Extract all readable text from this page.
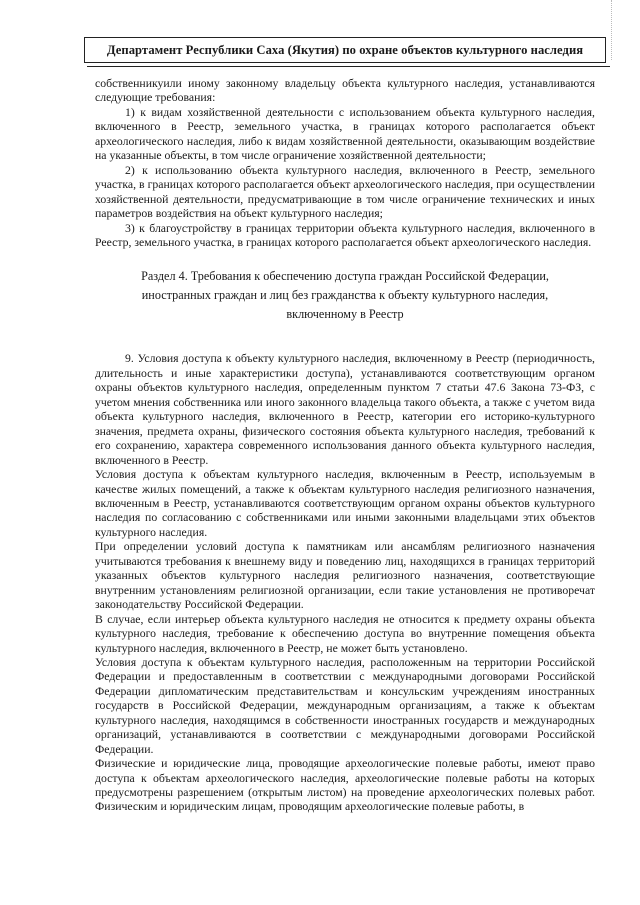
Департамент Республики Саха (Якутия) по охране объектов культурного наследия

собственникуили иному законному владельцу объекта культурного наследия, устанавливаются следующие требования:

1) к видам хозяйственной деятельности с использованием объекта культурного наследия, включенного в Реестр, земельного участка, в границах которого располагается объект археологического наследия, либо к видам хозяйственной деятельности, оказывающим воздействие на указанные объекты, в том числе ограничение хозяйственной деятельности;

2) к использованию объекта культурного наследия, включенного в Реестр, земельного участка, в границах которого располагается объект археологического наследия, при осуществлении хозяйственной деятельности, предусматривающие в том числе ограничение технических и иных параметров воздействия на объект культурного наследия;

3) к благоустройству в границах территории объекта культурного наследия, включенного в Реестр, земельного участка, в границах которого располагается объект археологического наследия.

Раздел 4. Требования к обеспечению доступа граждан Российской Федерации,
иностранных граждан и лиц без гражданства к объекту культурного наследия,
включенному в Реестр

9. Условия доступа к объекту культурного наследия, включенному в Реестр (периодичность, длительность и иные характеристики доступа), устанавливаются соответствующим органом охраны объектов культурного наследия, определенным пунктом 7 статьи 47.6 Закона 73-ФЗ, с учетом мнения собственника или иного законного владельца такого объекта, а также с учетом вида объекта культурного наследия, включенного в Реестр, категории его историко-культурного значения, предмета охраны, физического состояния объекта культурного наследия, требований к его сохранению, характера современного использования данного объекта культурного наследия, включенного в Реестр.

Условия доступа к объектам культурного наследия, включенным в Реестр, используемым в качестве жилых помещений, а также к объектам культурного наследия религиозного назначения, включенным в Реестр, устанавливаются соответствующим органом охраны объектов культурного наследия по согласованию с собственниками или иными законными владельцами этих объектов культурного наследия.

При определении условий доступа к памятникам или ансамблям религиозного назначения учитываются требования к внешнему виду и поведению лиц, находящихся в границах территорий указанных объектов культурного наследия религиозного назначения, соответствующие внутренним установлениям религиозной организации, если такие установления не противоречат законодательству Российской Федерации.

В случае, если интерьер объекта культурного наследия не относится к предмету охраны объекта культурного наследия, требование к обеспечению доступа во внутренние помещения объекта культурного наследия, включенного в Реестр, не может быть установлено.

Условия доступа к объектам культурного наследия, расположенным на территории Российской Федерации и предоставленным в соответствии с международными договорами Российской Федерации дипломатическим представительствам и консульским учреждениям иностранных государств в Российской Федерации, международным организациям, а также к объектам культурного наследия, находящимся в собственности иностранных государств и международных организаций, устанавливаются в соответствии с международными договорами Российской Федерации.

Физические и юридические лица, проводящие археологические полевые работы, имеют право доступа к объектам археологического наследия, археологические полевые работы на которых предусмотрены разрешением (открытым листом) на проведение археологических полевых работ. Физическим и юридическим лицам, проводящим археологические полевые работы, в
